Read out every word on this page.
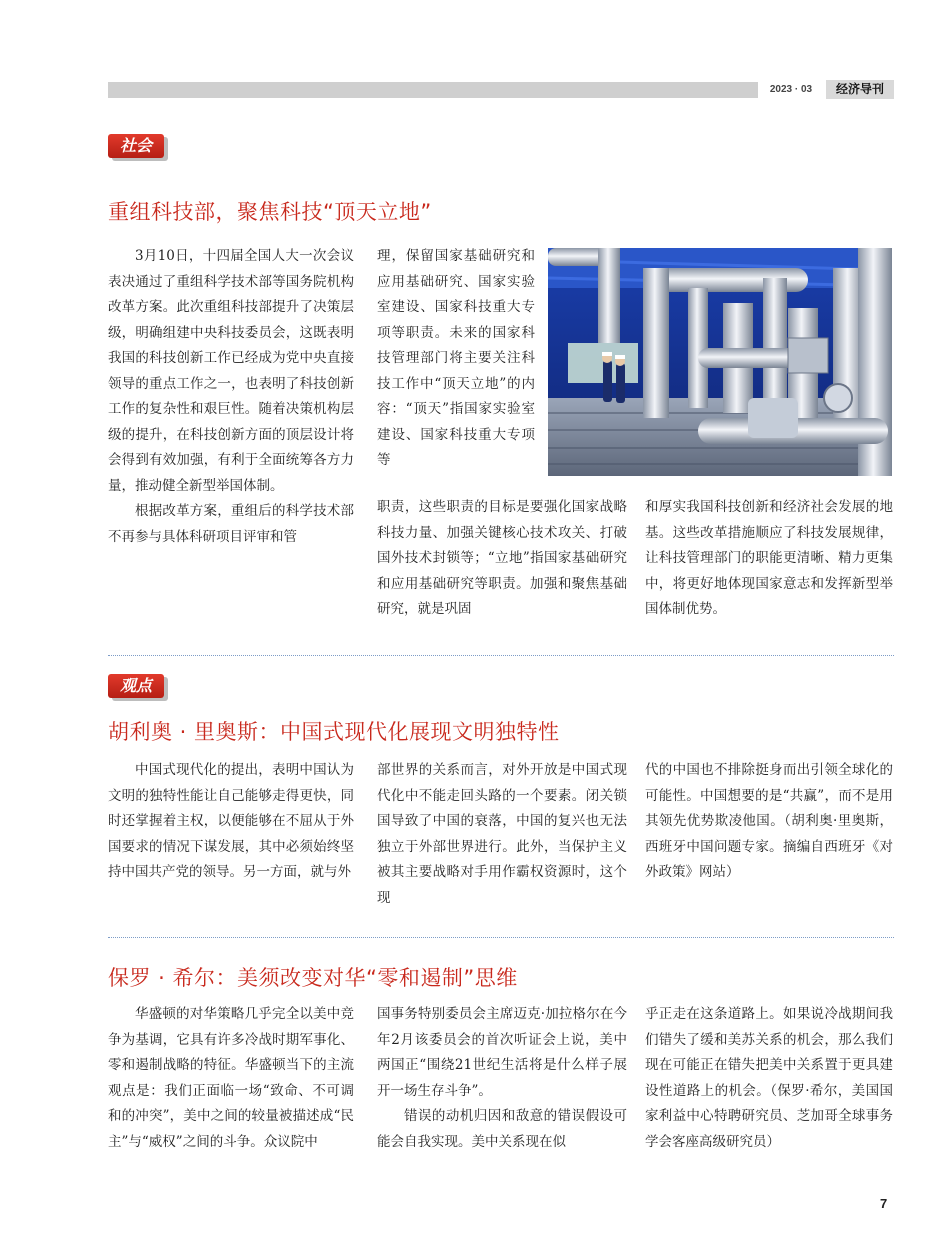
2023 · 03	经济导刊
社会
重组科技部，聚焦科技“顶天立地”

3月10日，十四届全国人大一次会议表决通过了重组科学技术部等国务院机构改革方案。此次重组科技部提升了决策层级，明确组建中央科技委员会，这既表明我国的科技创新工作已经成为党中央直接领导的重点工作之一，也表明了科技创新工作的复杂性和艰巨性。随着决策机构层级的提升，在科技创新方面的顶层设计将会得到有效加强，有利于全面统筹各方力量，推动健全新型举国体制。

根据改革方案，重组后的科学技术部不再参与具体科研项目评审和管

理，保留国家基础研究和应用基础研究、国家实验室建设、国家科技重大专项等职责。未来的国家科技管理部门将主要关注科技工作中“顶天立地”的内容：“顶天”指国家实验室建设、国家科技重大专项等

职责，这些职责的目标是要强化国家战略科技力量、加强关键核心技术攻关、打破国外技术封锁等；“立地”指国家基础研究和应用基础研究等职责。加强和聚焦基础研究，就是巩固

和厚实我国科技创新和经济社会发展的地基。这些改革措施顺应了科技发展规律，让科技管理部门的职能更清晰、精力更集中，将更好地体现国家意志和发挥新型举国体制优势。

观点
胡利奥 · 里奥斯：中国式现代化展现文明独特性

中国式现代化的提出，表明中国认为文明的独特性能让自己能够走得更快，同时还掌握着主权，以便能够在不屈从于外国要求的情况下谋发展，其中必须始终坚持中国共产党的领导。另一方面，就与外

部世界的关系而言，对外开放是中国式现代化中不能走回头路的一个要素。闭关锁国导致了中国的衰落，中国的复兴也无法独立于外部世界进行。此外，当保护主义被其主要战略对手用作霸权资源时，这个现

代的中国也不排除挺身而出引领全球化的可能性。中国想要的是“共赢”，而不是用其领先优势欺凌他国。（胡利奥·里奥斯，西班牙中国问题专家。摘编自西班牙《对外政策》网站）

保罗 · 希尔：美须改变对华“零和遏制”思维

华盛顿的对华策略几乎完全以美中竞争为基调，它具有许多冷战时期军事化、零和遏制战略的特征。华盛顿当下的主流观点是：我们正面临一场“致命、不可调和的冲突”，美中之间的较量被描述成“民主”与“威权”之间的斗争。众议院中

国事务特别委员会主席迈克·加拉格尔在今年2月该委员会的首次听证会上说，美中两国正“围绕21世纪生活将是什么样子展开一场生存斗争”。

错误的动机归因和敌意的错误假设可能会自我实现。美中关系现在似

乎正走在这条道路上。如果说冷战期间我们错失了缓和美苏关系的机会，那么我们现在可能正在错失把美中关系置于更具建设性道路上的机会。（保罗·希尔，美国国家利益中心特聘研究员、芝加哥全球事务学会客座高级研究员）

7
